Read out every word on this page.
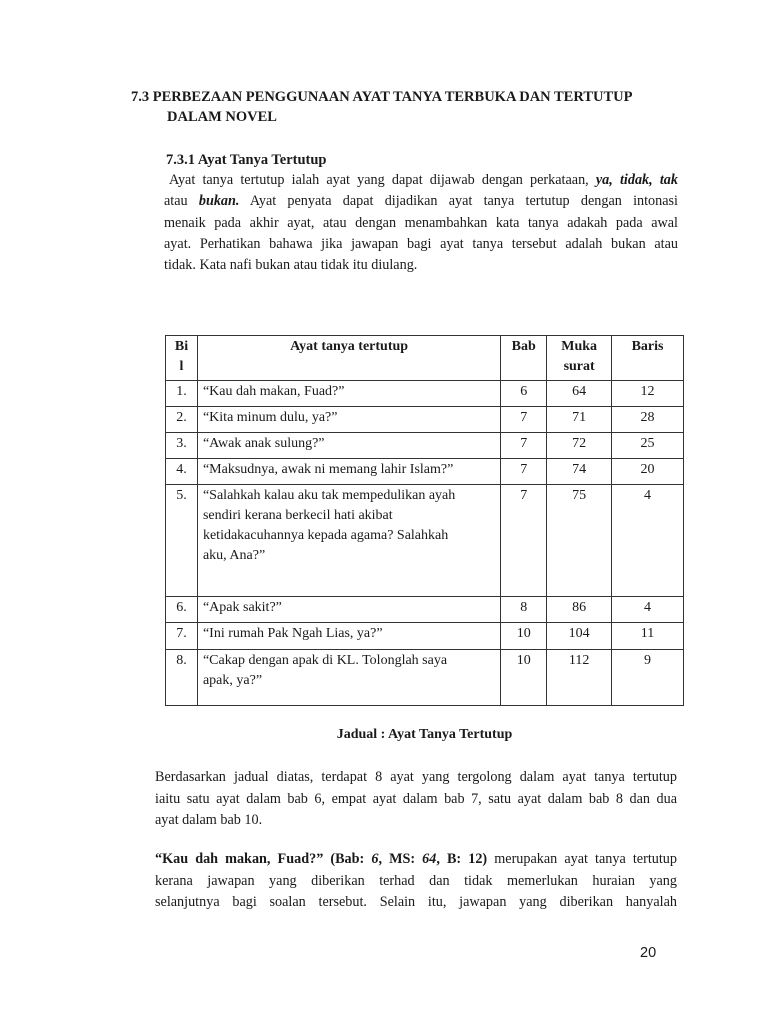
7.3 PERBEZAAN PENGGUNAAN AYAT TANYA TERBUKA DAN TERTUTUP
DALAM NOVEL
7.3.1 Ayat Tanya Tertutup
Ayat tanya tertutup ialah ayat yang dapat dijawab dengan perkataan, ya, tidak, tak
atau bukan. Ayat penyata dapat dijadikan ayat tanya tertutup dengan intonasi
menaik pada akhir ayat, atau dengan menambahkan kata tanya adakah pada awal
ayat. Perhatikan bahawa jika jawapan bagi ayat tanya tersebut adalah bukan atau
tidak. Kata nafi bukan atau tidak itu diulang.
Bi
l	Ayat tanya tertutup	Bab	Muka
surat	Baris
1.	“Kau dah makan, Fuad?”	6	64	12
2.	“Kita minum dulu, ya?”	7	71	28
3.	“Awak anak sulung?”	7	72	25
4.	“Maksudnya, awak ni memang lahir Islam?”	7	74	20
5.	“Salahkah kalau aku tak mempedulikan ayah
sendiri kerana berkecil hati akibat
ketidakacuhannya kepada agama? Salahkah
aku, Ana?”	7	75	4
6.	“Apak sakit?”	8	86	4
7.	“Ini rumah Pak Ngah Lias, ya?”	10	104	11
8.	“Cakap dengan apak di KL. Tolonglah saya
apak, ya?”	10	112	9
Jadual : Ayat Tanya Tertutup
Berdasarkan jadual diatas, terdapat 8 ayat yang tergolong dalam ayat tanya tertutup
iaitu satu ayat dalam bab 6, empat ayat dalam bab 7, satu ayat dalam bab 8 dan dua
ayat dalam bab 10.
“Kau dah makan, Fuad?” (Bab: 6, MS: 64, B: 12) merupakan ayat tanya tertutup
kerana jawapan yang diberikan terhad dan tidak memerlukan huraian yang
selanjutnya bagi soalan tersebut. Selain itu, jawapan yang diberikan hanyalah
20
